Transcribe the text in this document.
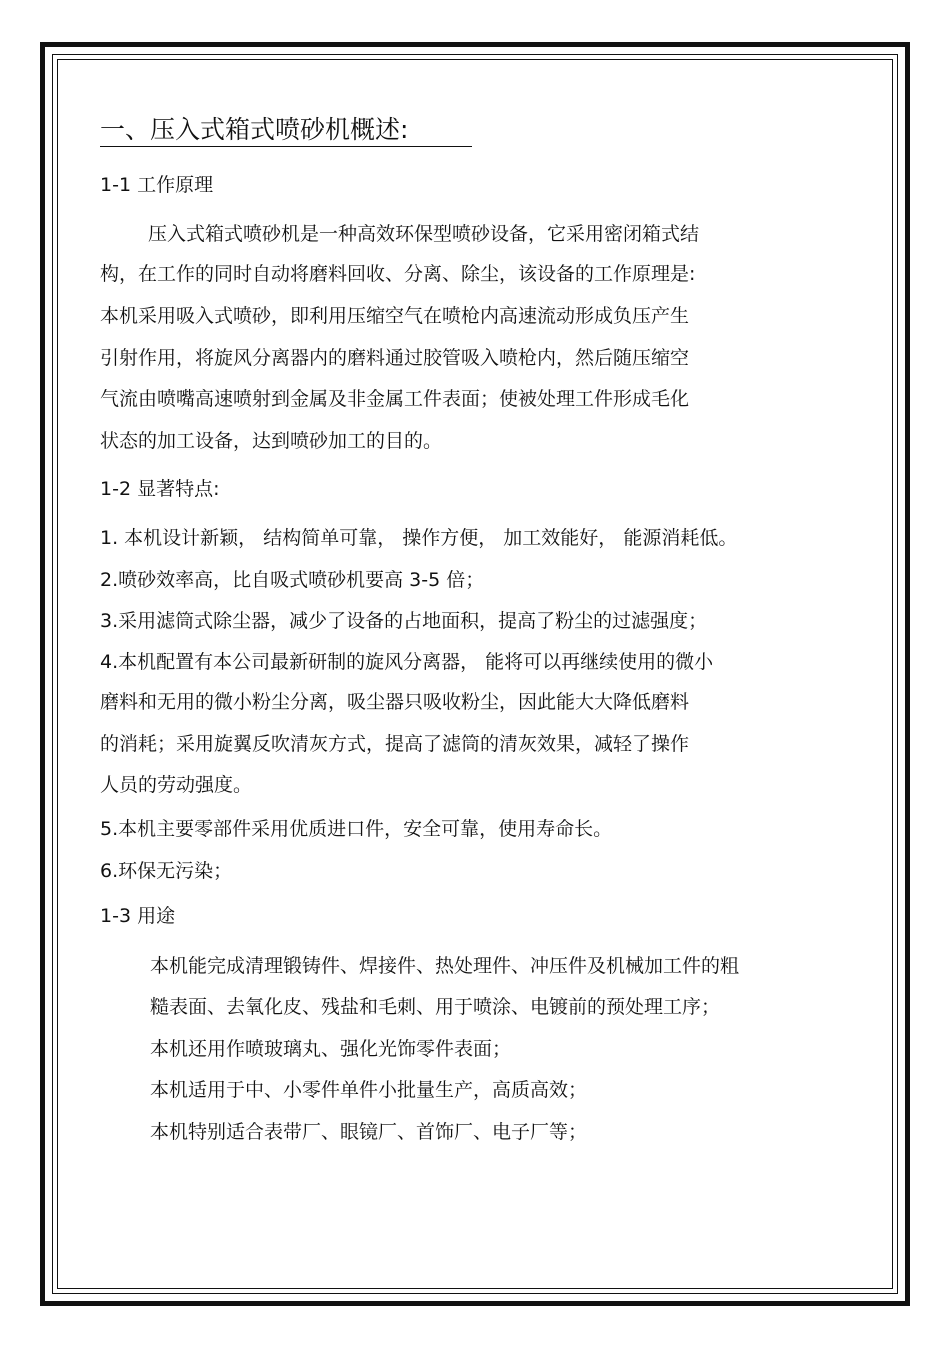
一、压入式箱式喷砂机概述:
1-1 工作原理
压入式箱式喷砂机是一种高效环保型喷砂设备，它采用密闭箱式结
构，在工作的同时自动将磨料回收、分离、除尘，该设备的工作原理是:
本机采用吸入式喷砂，即利用压缩空气在喷枪内高速流动形成负压产生
引射作用，将旋风分离器内的磨料通过胶管吸入喷枪内，然后随压缩空
气流由喷嘴高速喷射到金属及非金属工件表面；使被处理工件形成毛化
状态的加工设备，达到喷砂加工的目的。
1-2 显著特点:
1. 本机设计新颖， 结构简单可靠， 操作方便， 加工效能好， 能源消耗低。
2.喷砂效率高，比自吸式喷砂机要高 3-5 倍；
3.采用滤筒式除尘器，减少了设备的占地面积，提高了粉尘的过滤强度；
4.本机配置有本公司最新研制的旋风分离器， 能将可以再继续使用的微小
磨料和无用的微小粉尘分离，吸尘器只吸收粉尘，因此能大大降低磨料
的消耗；采用旋翼反吹清灰方式，提高了滤筒的清灰效果，减轻了操作
人员的劳动强度。
5.本机主要零部件采用优质进口件，安全可靠，使用寿命长。
6.环保无污染；
1-3 用途
本机能完成清理锻铸件、焊接件、热处理件、冲压件及机械加工件的粗
糙表面、去氧化皮、残盐和毛刺、用于喷涂、电镀前的预处理工序；
本机还用作喷玻璃丸、强化光饰零件表面；
本机适用于中、小零件单件小批量生产，高质高效；
本机特别适合表带厂、眼镜厂、首饰厂、电子厂等；
